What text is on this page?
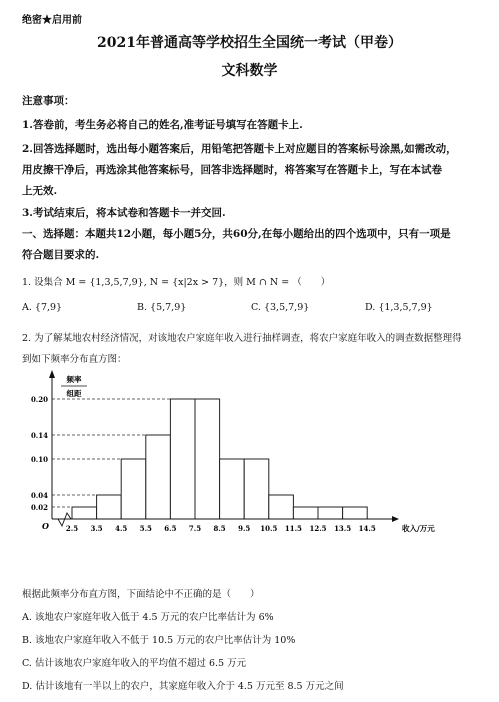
绝密★启用前
2021年普通高等学校招生全国统一考试（甲卷）
文科数学
注意事项：
1.答卷前，考生务必将自己的姓名,准考证号填写在答题卡上.
2.回答选择题时，选出每小题答案后，用铅笔把答题卡上对应题目的答案标号涂黑,如需改动，
用皮擦干净后，再选涂其他答案标号，回答非选择题时，将答案写在答题卡上，写在本试卷
上无效.
3.考试结束后，将本试卷和答题卡一并交回.
一、选择题：本题共12小题，每小题5分，共60分,在每小题给出的四个选项中，只有一项是
符合题目要求的.
1. 设集合 M = {1,3,5,7,9}, N = {x|2x > 7}，则 M ∩ N = （　　）
A. {7,9}	B. {5,7,9}	C. {3,5,7,9}	D. {1,3,5,7,9}
2. 为了解某地农村经济情况，对该地农户家庭年收入进行抽样调查，将农户家庭年收入的调查数据整理得
到如下频率分布直方图：
0.02
0.04
0.10
0.14
0.20
频率
组距
O 2.5 3.5 4.5 5.5 6.5 7.5 8.5 9.5 10.5 11.5 12.5 13.5 14.5	收入/万元
根据此频率分布直方图，下面结论中不正确的是（　　）
A. 该地农户家庭年收入低于 4.5 万元的农户比率估计为 6%
B. 该地农户家庭年收入不低于 10.5 万元的农户比率估计为 10%
C. 估计该地农户家庭年收入的平均值不超过 6.5 万元
D. 估计该地有一半以上的农户，其家庭年收入介于 4.5 万元至 8.5 万元之间
